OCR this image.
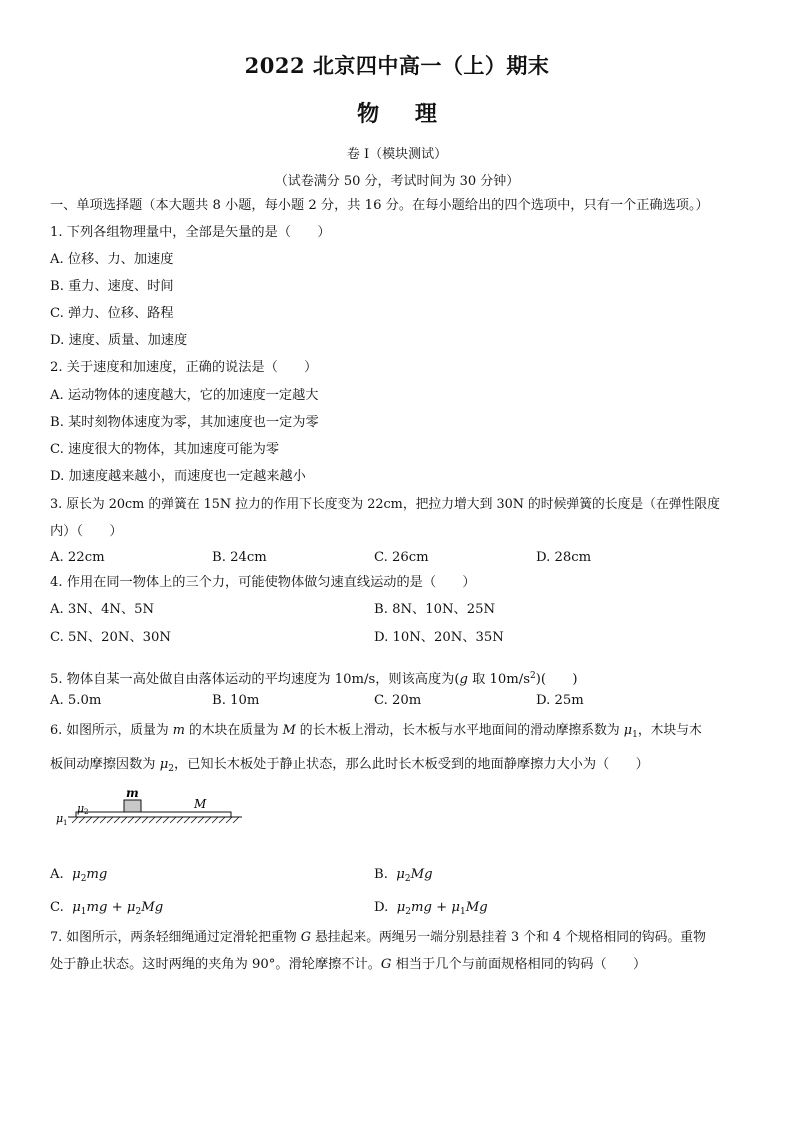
2022 北京四中高一（上）期末
物 理
卷 I（模块测试）
（试卷满分 50 分，考试时间为 30 分钟）
一、单项选择题（本大题共 8 小题，每小题 2 分，共 16 分。在每小题给出的四个选项中，只有一个正确选项。）
1. 下列各组物理量中，全部是矢量的是（　　）
A. 位移、力、加速度
B. 重力、速度、时间
C. 弹力、位移、路程
D. 速度、质量、加速度
2. 关于速度和加速度，正确的说法是（　　）
A. 运动物体的速度越大，它的加速度一定越大
B. 某时刻物体速度为零，其加速度也一定为零
C. 速度很大的物体，其加速度可能为零
D. 加速度越来越小，而速度也一定越来越小
3. 原长为 20cm 的弹簧在 15N 拉力的作用下长度变为 22cm，把拉力增大到 30N 的时候弹簧的长度是（在弹性限度
内）（　　）
A. 22cm	B. 24cm	C. 26cm	D. 28cm
4. 作用在同一物体上的三个力，可能使物体做匀速直线运动的是（　　）
A. 3N、4N、5N	B. 8N、10N、25N
C. 5N、20N、30N	D. 10N、20N、35N
5. 物体自某一高处做自由落体运动的平均速度为 10m/s，则该高度为(g 取 $10m/s^2$)(　　)
A. 5.0m	B. 10m	C. 20m	D. 25m
6. 如图所示，质量为 m 的木块在质量为 M 的长木板上滑动，长木板与水平地面间的滑动摩擦系数为 $\mu_1$，木块与木
板间动摩擦因数为 $\mu_2$，已知长木板处于静止状态，那么此时长木板受到的地面静摩擦力大小为（　　）
m
M
μ 2
μ 1
A. $\mu_2mg$	B. $\mu_2Mg$
C. $\mu_1mg + \mu_2Mg$	D. $\mu_2mg + \mu_1Mg$
7. 如图所示，两条轻细绳通过定滑轮把重物 G 悬挂起来。两绳另一端分别悬挂着 3 个和 4 个规格相同的钩码。重物
处于静止状态。这时两绳的夹角为 90°。滑轮摩擦不计。G 相当于几个与前面规格相同的钩码（　　）
